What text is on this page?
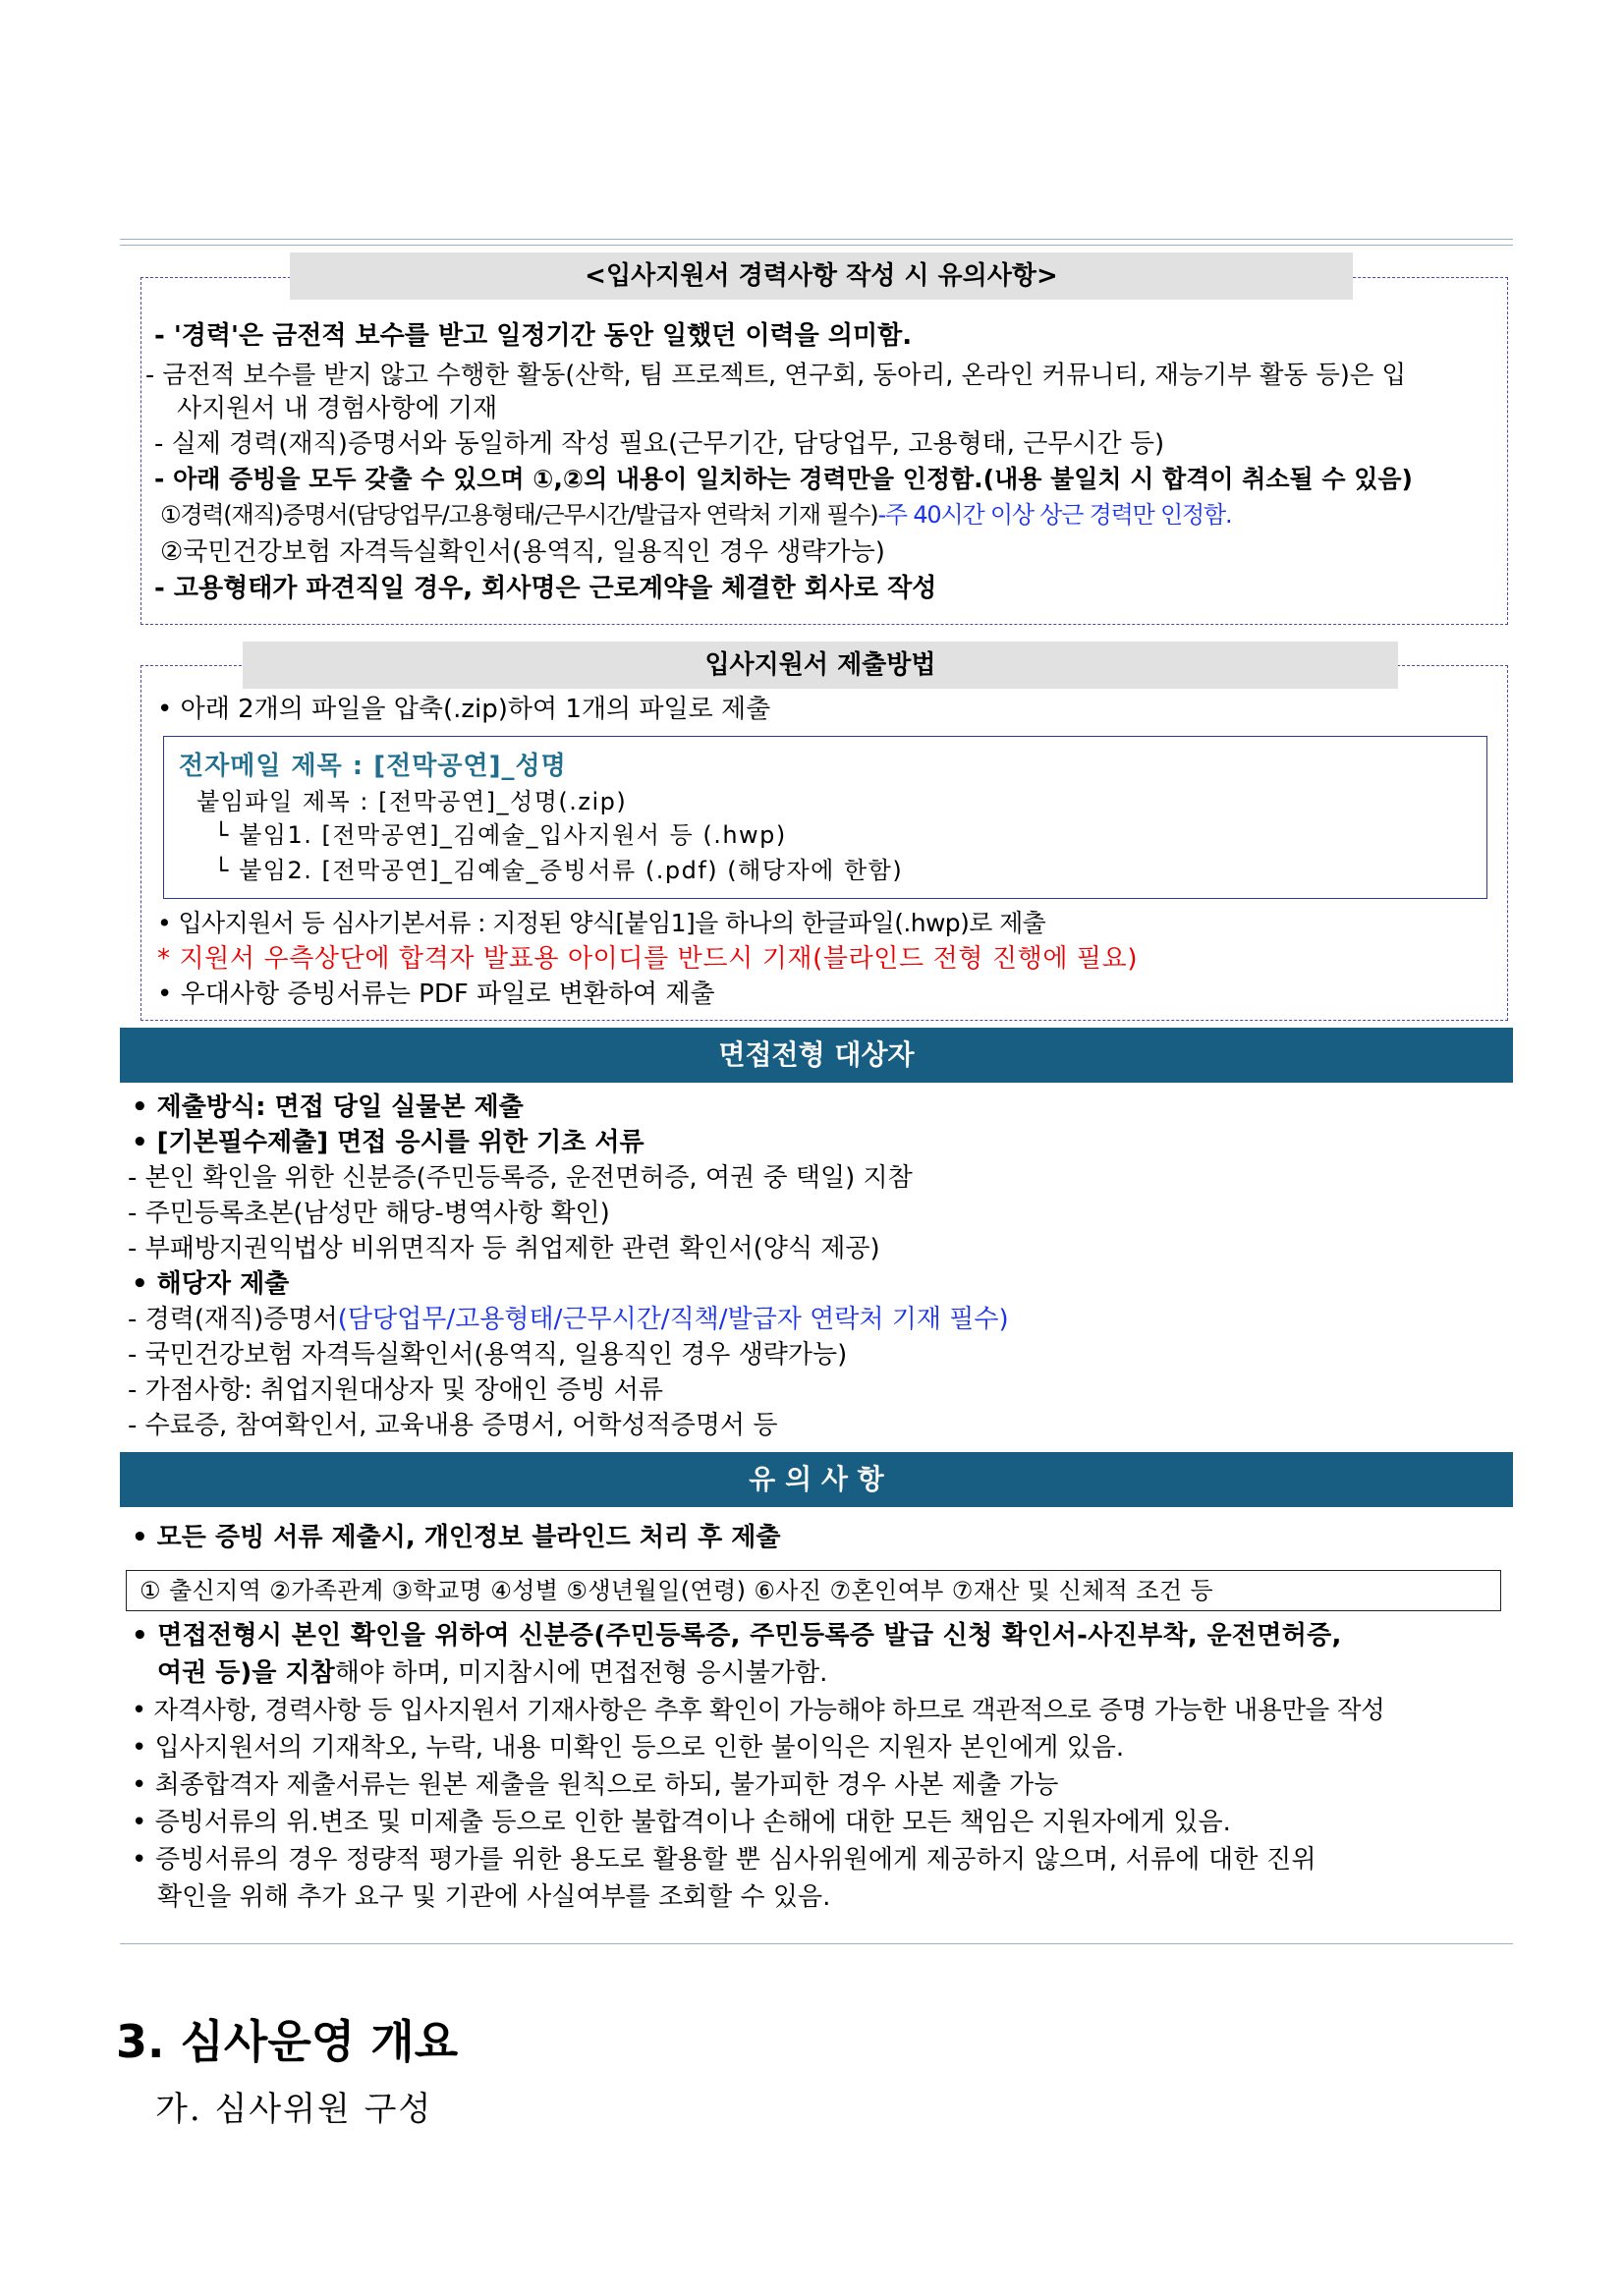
<입사지원서 경력사항 작성 시 유의사항>
- '경력'은 금전적 보수를 받고 일정기간 동안 일했던 이력을 의미함.
- 금전적 보수를 받지 않고 수행한 활동(산학, 팀 프로젝트, 연구회, 동아리, 온라인 커뮤니티, 재능기부 활동 등)은 입
사지원서 내 경험사항에 기재
- 실제 경력(재직)증명서와 동일하게 작성 필요(근무기간, 담당업무, 고용형태, 근무시간 등)
- 아래 증빙을 모두 갖출 수 있으며 ①,②의 내용이 일치하는 경력만을 인정함.(내용 불일치 시 합격이 취소될 수 있음)
①경력(재직)증명서(담당업무/고용형태/근무시간/발급자 연락처 기재 필수)-주 40시간 이상 상근 경력만 인정함.
②국민건강보험 자격득실확인서(용역직, 일용직인 경우 생략가능)
- 고용형태가 파견직일 경우, 회사명은 근로계약을 체결한 회사로 작성
입사지원서 제출방법
• 아래 2개의 파일을 압축(.zip)하여 1개의 파일로 제출
전자메일 제목 : [전막공연]_성명
붙임파일 제목 : [전막공연]_성명(.zip)
└ 붙임1. [전막공연]_김예술_입사지원서 등 (.hwp)
└ 붙임2. [전막공연]_김예술_증빙서류 (.pdf) (해당자에 한함)
• 입사지원서 등 심사기본서류 : 지정된 양식[붙임1]을 하나의 한글파일(.hwp)로 제출
* 지원서 우측상단에 합격자 발표용 아이디를 반드시 기재(블라인드 전형 진행에 필요)
• 우대사항 증빙서류는 PDF 파일로 변환하여 제출
면접전형 대상자
• 제출방식: 면접 당일 실물본 제출
• [기본필수제출] 면접 응시를 위한 기초 서류
- 본인 확인을 위한 신분증(주민등록증, 운전면허증, 여권 중 택일) 지참
- 주민등록초본(남성만 해당-병역사항 확인)
- 부패방지권익법상 비위면직자 등 취업제한 관련 확인서(양식 제공)
• 해당자 제출
- 경력(재직)증명서(담당업무/고용형태/근무시간/직책/발급자 연락처 기재 필수)
- 국민건강보험 자격득실확인서(용역직, 일용직인 경우 생략가능)
- 가점사항: 취업지원대상자 및 장애인 증빙 서류
- 수료증, 참여확인서, 교육내용 증명서, 어학성적증명서 등
유 의 사 항
• 모든 증빙 서류 제출시, 개인정보 블라인드 처리 후 제출
① 출신지역 ②가족관계 ③학교명 ④성별 ⑤생년월일(연령) ⑥사진 ⑦혼인여부 ⑦재산 및 신체적 조건 등
• 면접전형시 본인 확인을 위하여 신분증(주민등록증, 주민등록증 발급 신청 확인서-사진부착, 운전면허증,
여권 등)을 지참해야 하며, 미지참시에 면접전형 응시불가함.
• 자격사항, 경력사항 등 입사지원서 기재사항은 추후 확인이 가능해야 하므로 객관적으로 증명 가능한 내용만을 작성
• 입사지원서의 기재착오, 누락, 내용 미확인 등으로 인한 불이익은 지원자 본인에게 있음.
• 최종합격자 제출서류는 원본 제출을 원칙으로 하되, 불가피한 경우 사본 제출 가능
• 증빙서류의 위.변조 및 미제출 등으로 인한 불합격이나 손해에 대한 모든 책임은 지원자에게 있음.
• 증빙서류의 경우 정량적 평가를 위한 용도로 활용할 뿐 심사위원에게 제공하지 않으며, 서류에 대한 진위
확인을 위해 추가 요구 및 기관에 사실여부를 조회할 수 있음.
3. 심사운영 개요
가. 심사위원 구성
